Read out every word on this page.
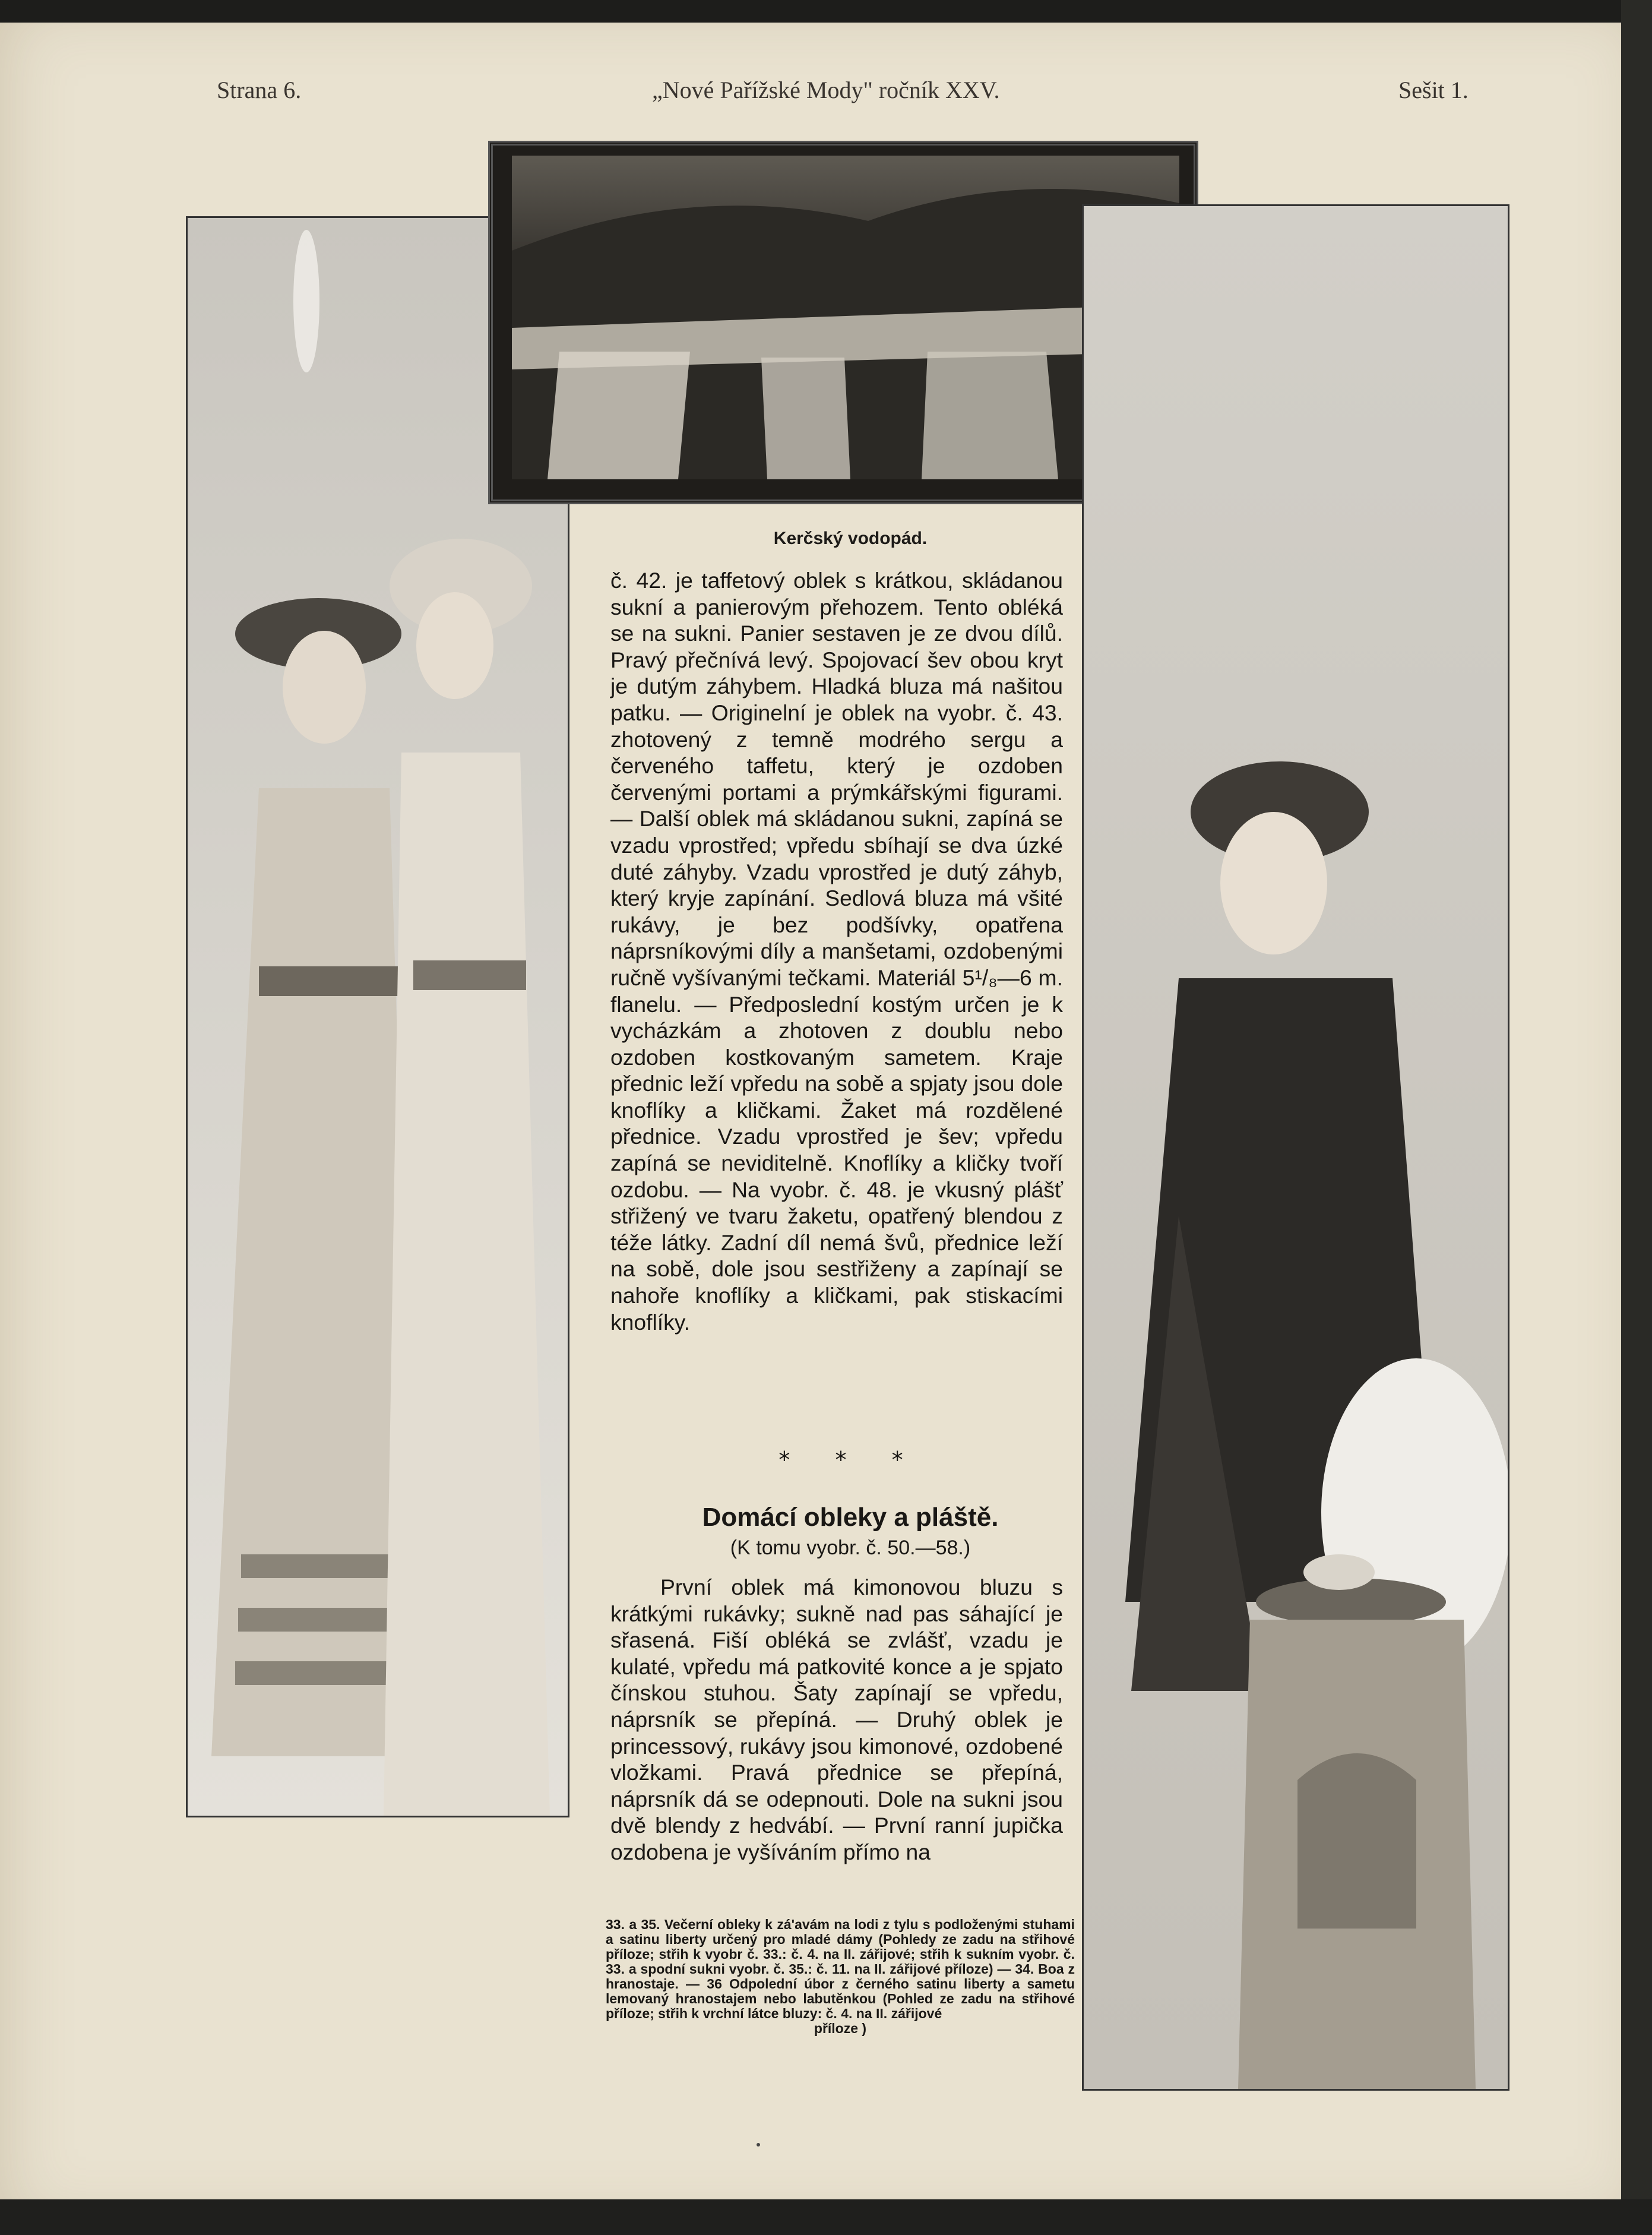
Strana 6.	„Nové Pařížské Mody" ročník XXV.	Sešit 1.
Kerčský vodopád.

č. 42. je taffetový oblek s krátkou, skládanou sukní a panierovým přehozem. Tento obléká se na sukni. Panier sestaven je ze dvou dílů. Pravý přečnívá levý. Spojovací šev obou kryt je dutým záhybem. Hladká bluza má našitou patku. — Originelní je oblek na vyobr. č. 43. zhotovený z temně modrého sergu a červeného taffetu, který je ozdoben červenými portami a prýmkářskými figurami. — Další oblek má skládanou sukni, zapíná se vzadu vprostřed; vpředu sbíhají se dva úzké duté záhyby. Vzadu vprostřed je dutý záhyb, který kryje zapínání. Sedlová bluza má všité rukávy, je bez podšívky, opatřena náprsníkovými díly a manšetami, ozdobenými ručně vyšívanými tečkami. Materiál 5¹/₈—6 m. flanelu. — Předposlední kostým určen je k vycházkám a zhotoven z doublu nebo ozdoben kostkovaným sametem. Kraje přednic leží vpředu na sobě a spjaty jsou dole knoflíky a kličkami. Žaket má rozdělené přednice. Vzadu vprostřed je šev; vpředu zapíná se neviditelně. Knoflíky a kličky tvoří ozdobu. — Na vyobr. č. 48. je vkusný plášť střižený ve tvaru žaketu, opatřený blendou z téže látky. Zadní díl nemá švů, přednice leží na sobě, dole jsou sestřiženy a zapínají se nahoře knoflíky a kličkami, pak stiskacími knoflíky.

* * *
Domácí obleky a pláště.
(K tomu vyobr. č. 50.—58.)
První oblek má kimonovou bluzu s krátkými rukávky; sukně nad pas sáhající je sřasená. Fiší obléká se zvlášť, vzadu je kulaté, vpředu má patkovité konce a je spjato čínskou stuhou. Šaty zapínají se vpředu, náprsník se přepíná. — Druhý oblek je princessový, rukávy jsou kimonové, ozdobené vložkami. Pravá přednice se přepíná, náprsník dá se odepnouti. Dole na sukni jsou dvě blendy z hedvábí. — První ranní jupička ozdobena je vyšíváním přímo na
33. a 35. Večerní obleky k zá'avám na lodi z tylu s podloženými stuhami a satinu liberty určený pro mladé dámy (Pohledy ze zadu na střihové příloze; střih k vyobr č. 33.: č. 4. na II. zářijové; střih k sukním vyobr. č. 33. a spodní sukni vyobr. č. 35.: č. 11. na II. zářijové příloze) — 34. Boa z hranostaje. — 36 Odpolední úbor z černého satinu liberty a sametu lemovaný hranostajem nebo labutěnkou (Pohled ze zadu na střihové příloze; střih k vrchní látce bluzy: č. 4. na II. zářijové
příloze )
